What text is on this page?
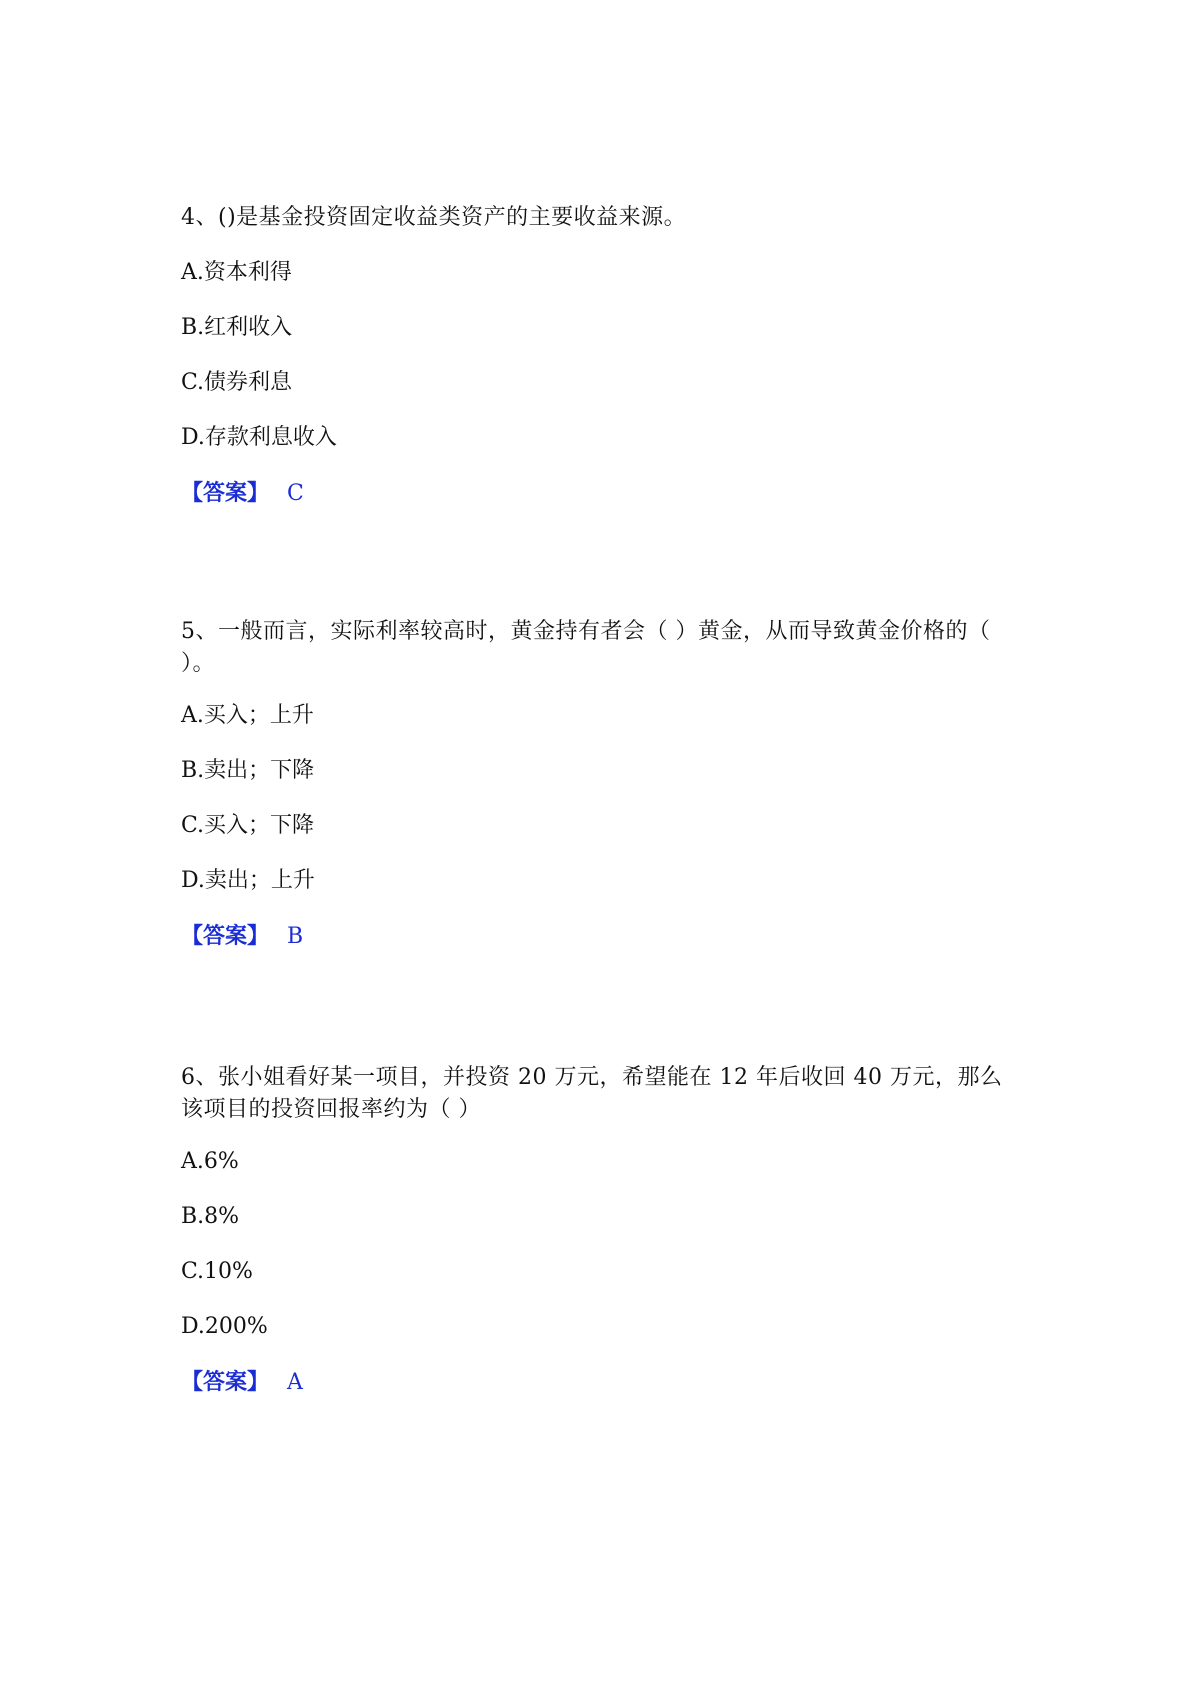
4、()是基金投资固定收益类资产的主要收益来源。

A.资本利得

B.红利收入

C.债券利息

D.存款利息收入

【答案】 C

5、一般而言，实际利率较高时，黄金持有者会（ ）黄金，从而导致黄金价格的（ ）。

A.买入；上升

B.卖出；下降

C.买入；下降

D.卖出；上升

【答案】 B

6、张小姐看好某一项目，并投资 20 万元，希望能在 12 年后收回 40 万元，那么该项目的投资回报率约为（ ）

A.6%

B.8%

C.10%

D.200%

【答案】 A
